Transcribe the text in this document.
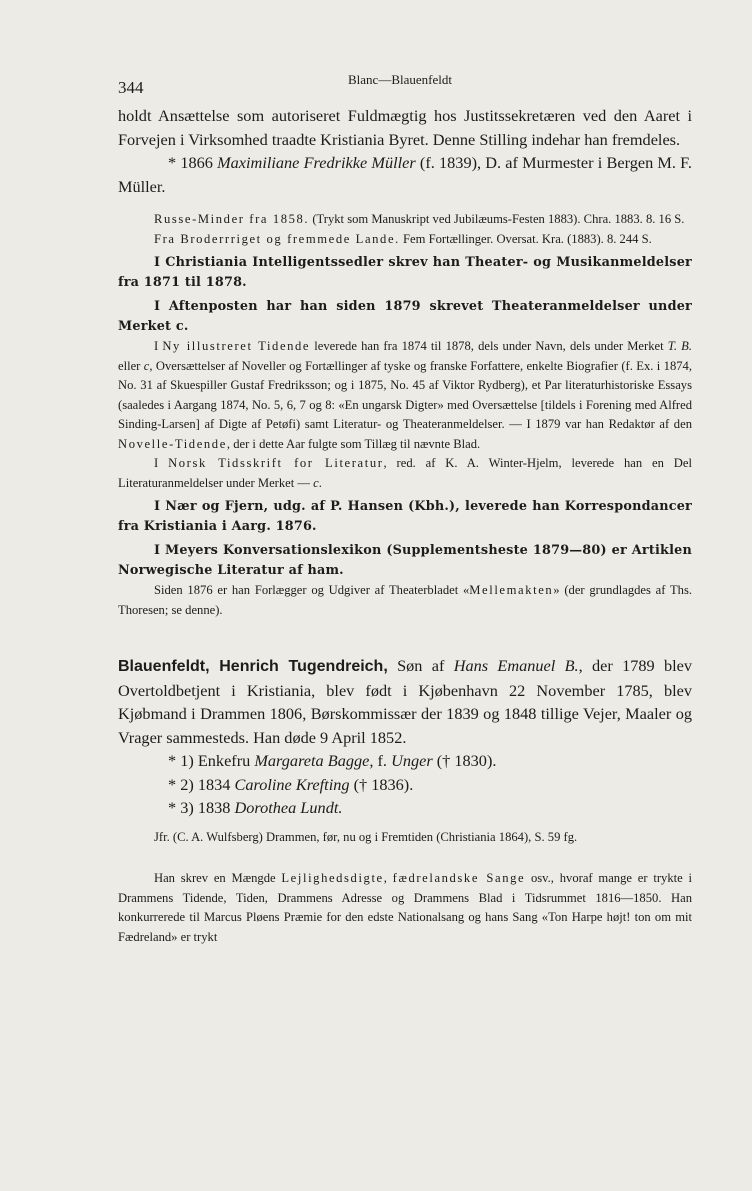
344	Blanc—Blauenfeldt

holdt Ansættelse som autoriseret Fuldmægtig hos Justitssekretæren ved den Aaret i Forvejen i Virksomhed traadte Kristiania Byret. Denne Stilling indehar han fremdeles.

* 1866 Maximiliane Fredrikke Müller (f. 1839), D. af Murmester i Bergen M. F. Müller.

Russe-Minder fra 1858. (Trykt som Manuskript ved Jubilæums-Festen 1883). Chra. 1883. 8. 16 S.

Fra Broderrriget og fremmede Lande. Fem Fortællinger. Oversat. Kra. (1883). 8. 244 S.

I Christiania Intelligentssedler skrev han Theater- og Musikanmeldelser fra 1871 til 1878.

I Aftenposten har han siden 1879 skrevet Theateranmeldelser under Merket c.

I Ny illustreret Tidende leverede han fra 1874 til 1878, dels under Navn, dels under Merket T. B. eller c, Oversættelser af Noveller og Fortællinger af tyske og franske Forfattere, enkelte Biografier (f. Ex. i 1874, No. 31 af Skuespiller Gustaf Fredriksson; og i 1875, No. 45 af Viktor Rydberg), et Par literaturhistoriske Essays (saaledes i Aargang 1874, No. 5, 6, 7 og 8: «En ungarsk Digter» med Oversættelse [tildels i Forening med Alfred Sinding-Larsen] af Digte af Petøfi) samt Literatur- og Theateranmeldelser. — I 1879 var han Redaktør af den Novelle-Tidende, der i dette Aar fulgte som Tillæg til nævnte Blad.

I Norsk Tidsskrift for Literatur, red. af K. A. Winter-Hjelm, leverede han en Del Literaturanmeldelser under Merket — c.

I Nær og Fjern, udg. af P. Hansen (Kbh.), leverede han Korrespondancer fra Kristiania i Aarg. 1876.

I Meyers Konversationslexikon (Supplementsheste 1879—80) er Artiklen Norwegische Literatur af ham.

Siden 1876 er han Forlægger og Udgiver af Theaterbladet «Mellemakten» (der grundlagdes af Ths. Thoresen; se denne).

Blauenfeldt, Henrich Tugendreich, Søn af Hans Emanuel B., der 1789 blev Overtoldbetjent i Kristiania, blev født i Kjøbenhavn 22 November 1785, blev Kjøbmand i Drammen 1806, Børskommissær der 1839 og 1848 tillige Vejer, Maaler og Vrager sammesteds. Han døde 9 April 1852.

* 1) Enkefru Margareta Bagge, f. Unger († 1830).

* 2) 1834 Caroline Krefting († 1836).

* 3) 1838 Dorothea Lundt.

Jfr. (C. A. Wulfsberg) Drammen, før, nu og i Fremtiden (Christiania 1864), S. 59 fg.

Han skrev en Mængde Lejlighedsdigte, fædrelandske Sange osv., hvoraf mange er trykte i Drammens Tidende, Tiden, Drammens Adresse og Drammens Blad i Tidsrummet 1816—1850. Han konkurrerede til Marcus Pløens Præmie for den edste Nationalsang og hans Sang «Ton Harpe højt! ton om mit Fædreland» er trykt
